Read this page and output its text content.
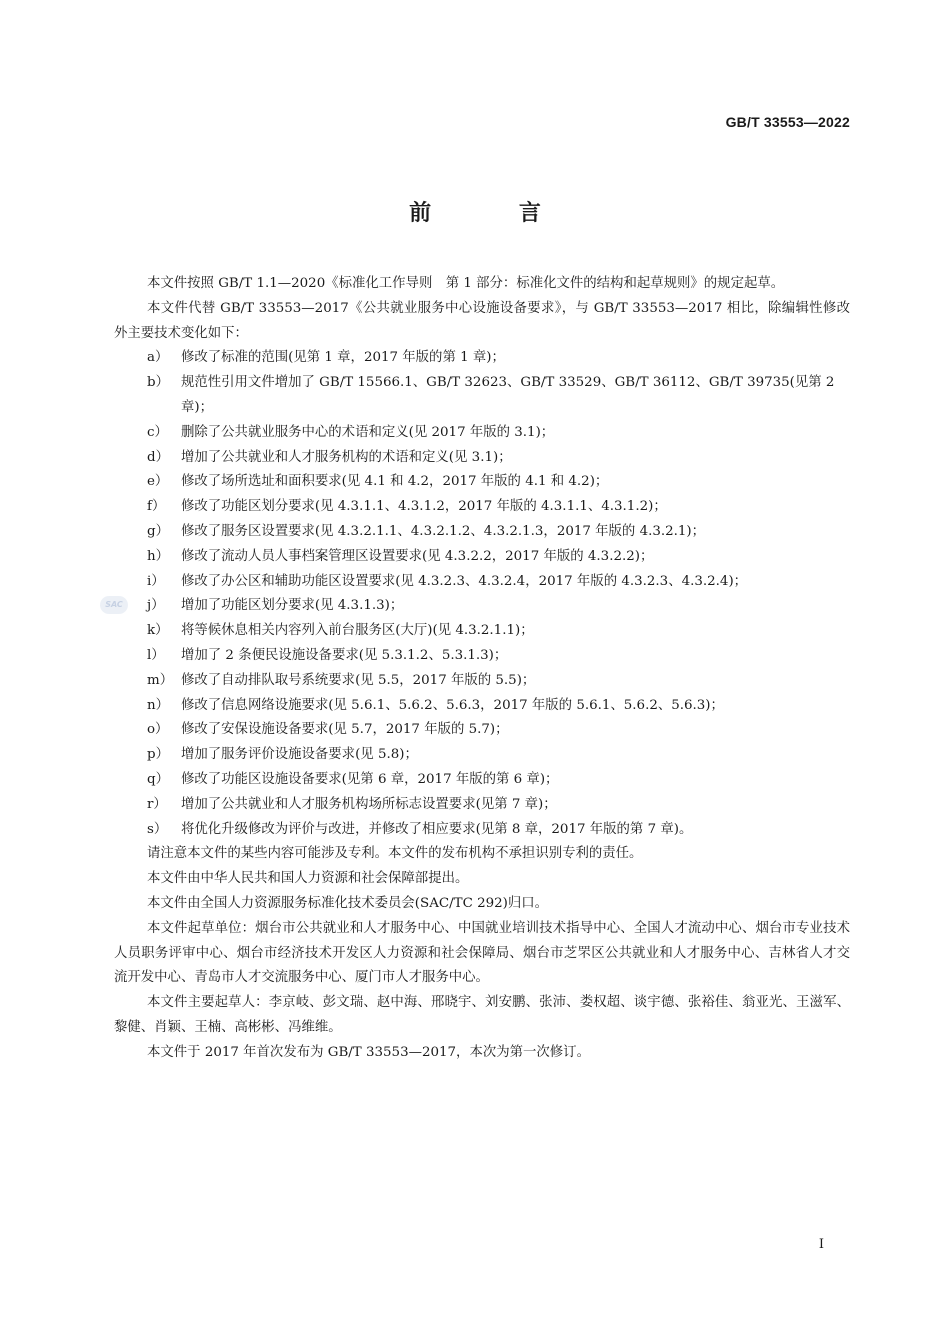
GB/T 33553—2022
前 言
SAC
本文件按照 GB/T 1.1—2020《标准化工作导则　第 1 部分：标准化文件的结构和起草规则》的规定起草。
本文件代替 GB/T 33553—2017《公共就业服务中心设施设备要求》，与 GB/T 33553—2017 相比，除编辑性修改外主要技术变化如下：
a） 修改了标准的范围(见第 1 章，2017 年版的第 1 章)；
b） 规范性引用文件增加了 GB/T 15566.1、GB/T 32623、GB/T 33529、GB/T 36112、GB/T 39735(见第 2 章)；
c） 删除了公共就业服务中心的术语和定义(见 2017 年版的 3.1)；
d） 增加了公共就业和人才服务机构的术语和定义(见 3.1)；
e） 修改了场所选址和面积要求(见 4.1 和 4.2，2017 年版的 4.1 和 4.2)；
f） 修改了功能区划分要求(见 4.3.1.1、4.3.1.2，2017 年版的 4.3.1.1、4.3.1.2)；
g） 修改了服务区设置要求(见 4.3.2.1.1、4.3.2.1.2、4.3.2.1.3，2017 年版的 4.3.2.1)；
h） 修改了流动人员人事档案管理区设置要求(见 4.3.2.2，2017 年版的 4.3.2.2)；
i） 修改了办公区和辅助功能区设置要求(见 4.3.2.3、4.3.2.4，2017 年版的 4.3.2.3、4.3.2.4)；
j） 增加了功能区划分要求(见 4.3.1.3)；
k） 将等候休息相关内容列入前台服务区(大厅)(见 4.3.2.1.1)；
l） 增加了 2 条便民设施设备要求(见 5.3.1.2、5.3.1.3)；
m） 修改了自动排队取号系统要求(见 5.5，2017 年版的 5.5)；
n） 修改了信息网络设施要求(见 5.6.1、5.6.2、5.6.3，2017 年版的 5.6.1、5.6.2、5.6.3)；
o） 修改了安保设施设备要求(见 5.7，2017 年版的 5.7)；
p） 增加了服务评价设施设备要求(见 5.8)；
q） 修改了功能区设施设备要求(见第 6 章，2017 年版的第 6 章)；
r） 增加了公共就业和人才服务机构场所标志设置要求(见第 7 章)；
s） 将优化升级修改为评价与改进，并修改了相应要求(见第 8 章，2017 年版的第 7 章)。
请注意本文件的某些内容可能涉及专利。本文件的发布机构不承担识别专利的责任。
本文件由中华人民共和国人力资源和社会保障部提出。
本文件由全国人力资源服务标准化技术委员会(SAC/TC 292)归口。
本文件起草单位：烟台市公共就业和人才服务中心、中国就业培训技术指导中心、全国人才流动中心、烟台市专业技术人员职务评审中心、烟台市经济技术开发区人力资源和社会保障局、烟台市芝罘区公共就业和人才服务中心、吉林省人才交流开发中心、青岛市人才交流服务中心、厦门市人才服务中心。
本文件主要起草人：李京岐、彭文瑞、赵中海、邢晓宇、刘安鹏、张沛、娄权超、谈宇德、张裕佳、翁亚光、王滋军、黎健、肖颖、王楠、高彬彬、冯维维。
本文件于 2017 年首次发布为 GB/T 33553—2017，本次为第一次修订。
I
